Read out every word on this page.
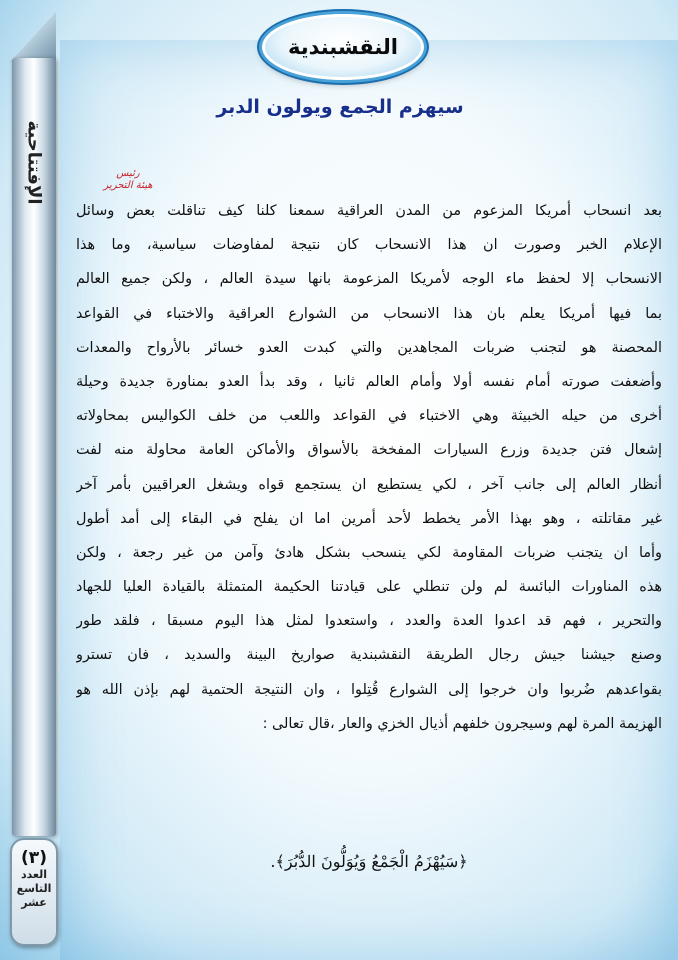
الإفتتاحية
(٣)
العدد
التاسع
عشر
النقشبندية
سيهزم الجمع ويولون الدبر
رئيس
هيئة التحرير
بعد انسحاب أمريكا المزعوم من المدن العراقية سمعنا كلنا كيف تناقلت بعض وسائل
الإعلام الخبر وصورت ان هذا الانسحاب كان نتيجة لمفاوضات سياسية، وما هذا
الانسحاب إلا لحفظ ماء الوجه لأمريكا المزعومة بانها سيدة العالم ، ولكن جميع العالم
بما فيها أمريكا يعلم بان هذا الانسحاب من الشوارع العراقية والاختباء في القواعد
المحصنة هو لتجنب ضربات المجاهدين والتي كبدت العدو خسائر بالأرواح والمعدات
وأضعفت صورته أمام نفسه أولا وأمام العالم ثانيا ، وقد بدأ العدو بمناورة جديدة وحيلة
أخرى من حيله الخبيثة وهي الاختباء في القواعد واللعب من خلف الكواليس بمحاولاته
إشعال فتن جديدة وزرع السيارات المفخخة بالأسواق والأماكن العامة محاولة منه لفت
أنظار العالم إلى جانب آخر ، لكي يستطيع ان يستجمع قواه ويشغل العراقيين بأمر آخر
غير مقاتلته ، وهو بهذا الأمر يخطط لأحد أمرين اما ان يفلح في البقاء إلى أمد أطول
وأما ان يتجنب ضربات المقاومة لكي ينسحب بشكل هادئ وآمن من غير رجعة ، ولكن
هذه المناورات البائسة لم ولن تنطلي على قيادتنا الحكيمة المتمثلة بالقيادة العليا للجهاد
والتحرير ، فهم قد اعدوا العدة والعدد ، واستعدوا لمثل هذا اليوم مسبقا ، فلقد طور
وصنع جيشنا جيش رجال الطريقة النقشبندية صواريخ البينة والسديد ، فان تسترو
بقواعدهم ضُربوا وان خرجوا إلى الشوارع قُتِلوا ، وان النتيجة الحتمية لهم بإذن الله هو
الهزيمة المرة لهم وسيجرون خلفهم أذيال الخزي والعار ،قال تعالى :
﴿سَيُهْزَمُ الْجَمْعُ وَيُوَلُّونَ الدُّبُرَ﴾.
